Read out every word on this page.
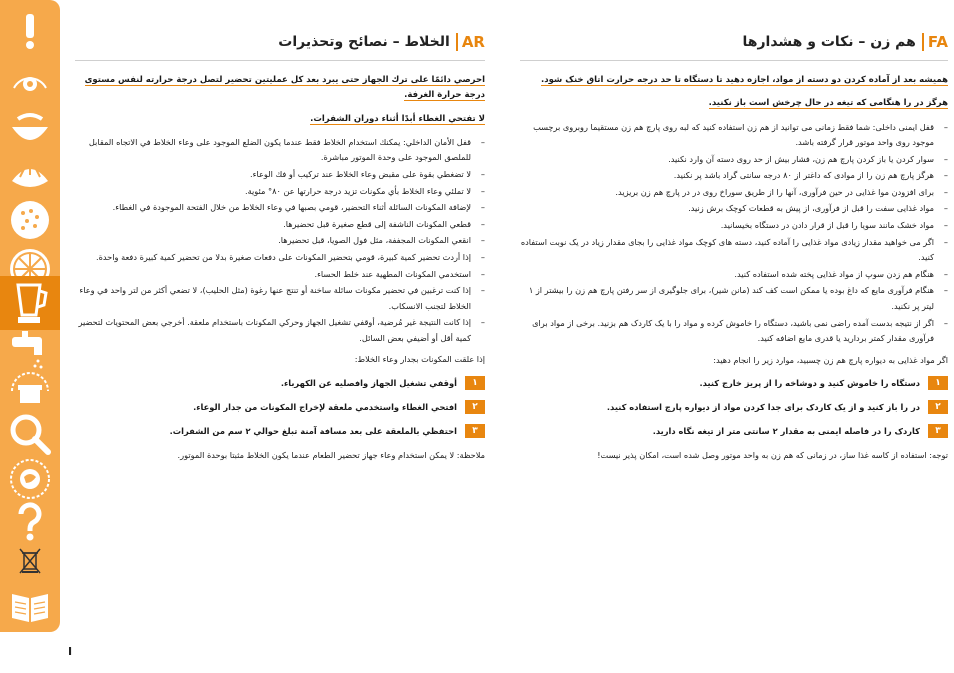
I
AR
الخلاط – نصائح وتحذيرات

احرصي دائمًا على ترك الجهاز حتى يبرد بعد كل عمليتين تحضير لتصل درجة حرارته لنفس مستوى درجة حرارة الغرفة.

لا تفتحي الغطاء أبدًا أثناء دوران الشفرات.

– قفل الأمان الداخلي: يمكنك استخدام الخلاط فقط عندما يكون الضلع الموجود على وعاء الخلاط في الاتجاه المقابل للملصق الموجود على وحدة الموتور مباشرة.
– لا تضغطي بقوة على مقبض وعاء الخلاط عند تركيب أو فك الوعاء.
– لا تملئي وعاء الخلاط بأي مكونات تزيد درجة حرارتها عن ٨٠° مئوية.
– لإضافة المكونات السائلة أثناء التحضير، قومي بصبها في وعاء الخلاط من خلال الفتحة الموجودة في الغطاء.
– قطعي المكونات الناشفة إلى قطع صغيرة قبل تحضيرها.
– انقعي المكونات المجففة، مثل فول الصويا، قبل تحضيرها.
– إذا أردت تحضير كمية كبيرة، قومي بتحضير المكونات على دفعات صغيرة بدلا من تحضير كمية كبيرة دفعة واحدة.
– استخدمي المكونات المطهية عند خلط الحساء.
– إذا كنت ترغبين في تحضير مكونات سائلة ساخنة أو تنتج عنها رغوة (مثل الحليب)، لا تضعي أكثر من لتر واحد في وعاء الخلاط لتجنب الانسكاب.
– إذا كانت النتيجة غير مُرضية، أوقفي تشغيل الجهاز وحركي المكونات باستخدام ملعقة. أخرجي بعض المحتويات لتحضير كمية أقل أو أضيفي بعض السائل.

إذا علقت المكونات بجدار وعاء الخلاط:

١
أوقفي تشغيل الجهاز وافصليه عن الكهرباء.
٢
افتحي الغطاء واستخدمي ملعقة لإخراج المكونات من جدار الوعاء.
٣
احتفظي بالملعقة على بعد مسافة آمنة تبلغ حوالي ٢ سم من الشفرات.

ملاحظة: لا يمكن استخدام وعاء جهاز تحضير الطعام عندما يكون الخلاط مثبتا بوحدة الموتور.

FA
هم زن – نکات و هشدارها

همیشه بعد از آماده کردن دو دسته از مواد، اجازه دهید تا دستگاه تا حد درجه حرارت اتاق خنک شود.

هرگز در را هنگامی که تیغه در حال چرخش است باز نکنید.

– قفل ایمنی داخلی: شما فقط زمانی می توانید از هم زن استفاده کنید که لبه روی پارچ هم زن مستقیما روبروی برچسب موجود روی واحد موتور قرار گرفته باشد.
– سوار کردن یا باز کردن پارچ هم زن، فشار بیش از حد روی دسته آن وارد نکنید.
– هرگز پارچ هم زن را از موادی که داغتر از ۸۰ درجه سانتی گراد باشد پر نکنید.
– برای افزودن موا غذایی در حین فرآوری، آنها را از طریق سوراخ روی در در پارچ هم زن بریزید.
– مواد غذایی سفت را قبل از فرآوری، از پیش به قطعات کوچک برش زنید.
– مواد خشک مانند سویا را قبل از قرار دادن در دستگاه بخیسانید.
– اگر می خواهید مقدار زیادی مواد غذایی را آماده کنید، دسته های کوچک مواد غذایی را بجای مقدار زیاد در یک نوبت استفاده کنید.
– هنگام هم زدن سوپ از مواد غذایی پخته شده استفاده کنید.
– هنگام فرآوری مایع که داغ بوده یا ممکن است کف کند (مانن شیر)، برای جلوگیری از سر رفتن پارچ هم زن را بیشتر از ۱ لیتر پر نکنید.
– اگر از نتیجه بدست آمده راضی نمی باشید، دستگاه را خاموش کرده و مواد را با یک کاردک هم بزنید. برخی از مواد برای فرآوری مقدار کمتر بردارید یا قدری مایع اضافه کنید.

اگر مواد غذایی به دیواره پارچ هم زن چسبید، موارد زیر را انجام دهید:

۱
دستگاه را خاموش کنید و دوشاخه را از پریز خارج کنید.
۲
در را باز کنید و از یک کاردک برای جدا کردن مواد از دیواره پارچ استفاده کنید.
۳
کاردک را در فاصله ایمنی به مقدار ۲ سانتی متر از تیغه نگاه دارید.

توجه: استفاده از کاسه غذا ساز، در زمانی که هم زن به واحد موتور وصل شده است، امکان پذیر نیست!
